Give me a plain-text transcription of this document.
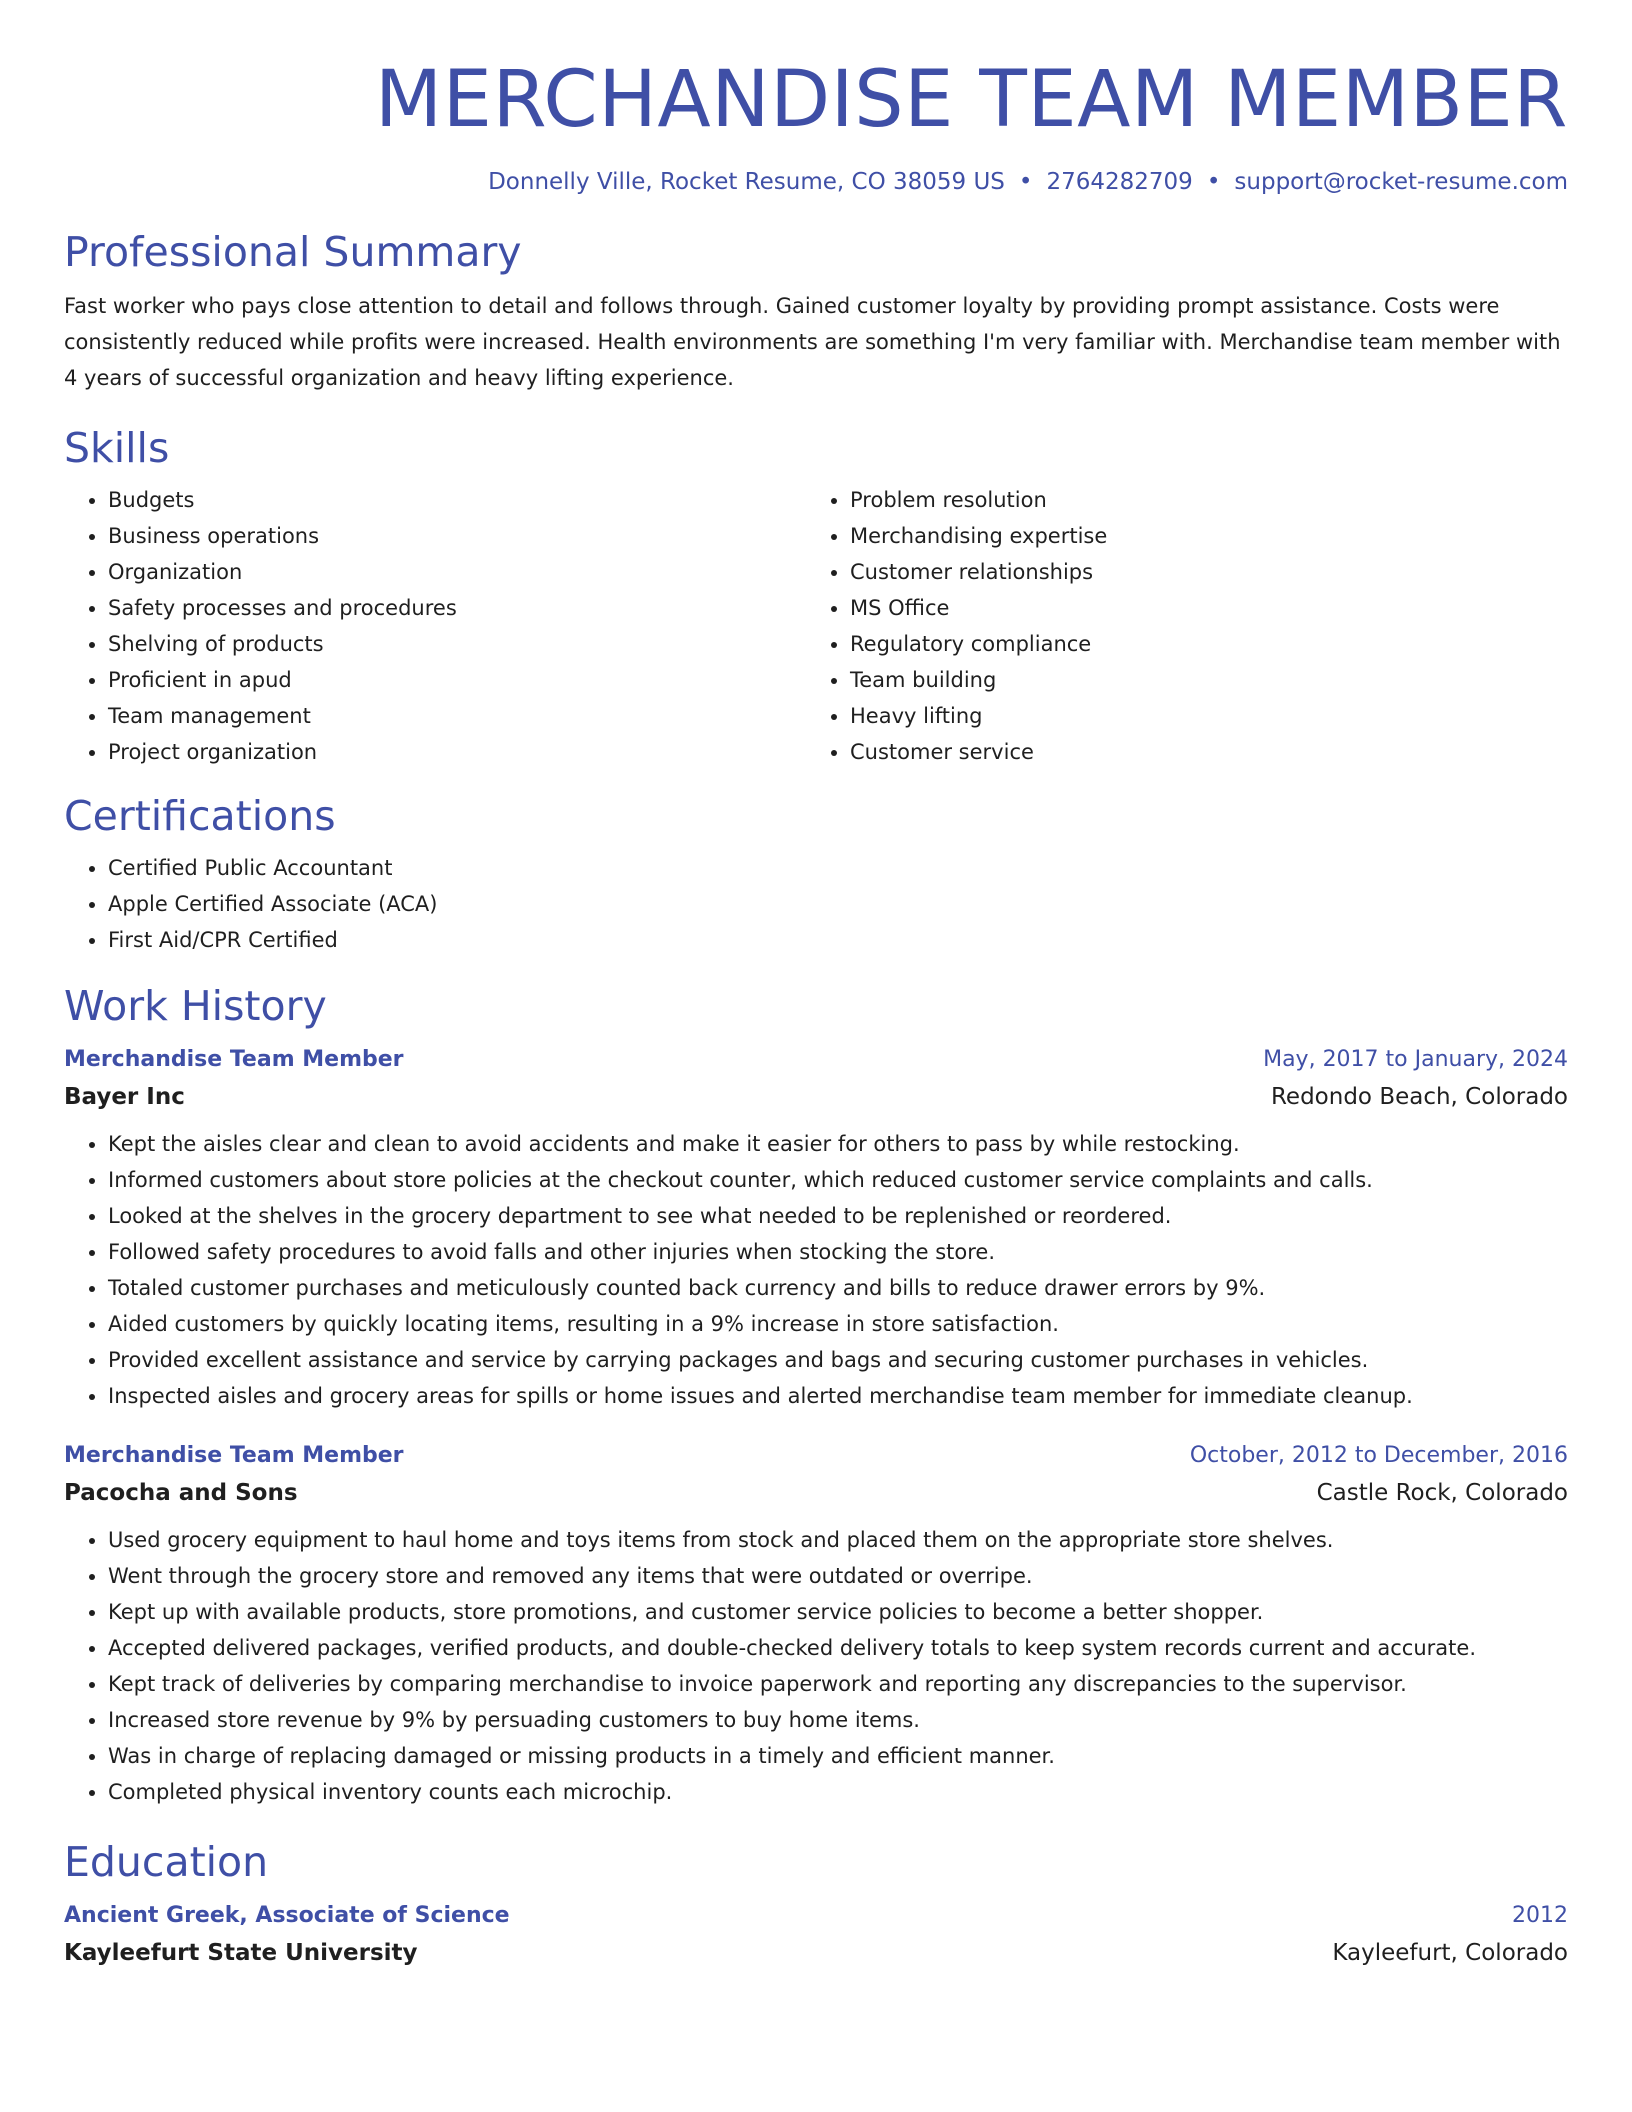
MERCHANDISE TEAM MEMBER
Donnelly Ville, Rocket Resume, CO 38059 US • 2764282709 • support@rocket-resume.com
Professional Summary
Fast worker who pays close attention to detail and follows through. Gained customer loyalty by providing prompt assistance. Costs were consistently reduced while profits were increased. Health environments are something I'm very familiar with. Merchandise team member with 4 years of successful organization and heavy lifting experience.
Skills
• Budgets
• Business operations
• Organization
• Safety processes and procedures
• Shelving of products
• Proficient in apud
• Team management
• Project organization
• Problem resolution
• Merchandising expertise
• Customer relationships
• MS Office
• Regulatory compliance
• Team building
• Heavy lifting
• Customer service
Certifications
• Certified Public Accountant
• Apple Certified Associate (ACA)
• First Aid/CPR Certified
Work History
Merchandise Team Member	May, 2017 to January, 2024
Bayer Inc	Redondo Beach, Colorado
• Kept the aisles clear and clean to avoid accidents and make it easier for others to pass by while restocking.
• Informed customers about store policies at the checkout counter, which reduced customer service complaints and calls.
• Looked at the shelves in the grocery department to see what needed to be replenished or reordered.
• Followed safety procedures to avoid falls and other injuries when stocking the store.
• Totaled customer purchases and meticulously counted back currency and bills to reduce drawer errors by 9%.
• Aided customers by quickly locating items, resulting in a 9% increase in store satisfaction.
• Provided excellent assistance and service by carrying packages and bags and securing customer purchases in vehicles.
• Inspected aisles and grocery areas for spills or home issues and alerted merchandise team member for immediate cleanup.
Merchandise Team Member	October, 2012 to December, 2016
Pacocha and Sons	Castle Rock, Colorado
• Used grocery equipment to haul home and toys items from stock and placed them on the appropriate store shelves.
• Went through the grocery store and removed any items that were outdated or overripe.
• Kept up with available products, store promotions, and customer service policies to become a better shopper.
• Accepted delivered packages, verified products, and double-checked delivery totals to keep system records current and accurate.
• Kept track of deliveries by comparing merchandise to invoice paperwork and reporting any discrepancies to the supervisor.
• Increased store revenue by 9% by persuading customers to buy home items.
• Was in charge of replacing damaged or missing products in a timely and efficient manner.
• Completed physical inventory counts each microchip.
Education
Ancient Greek, Associate of Science	2012
Kayleefurt State University	Kayleefurt, Colorado
